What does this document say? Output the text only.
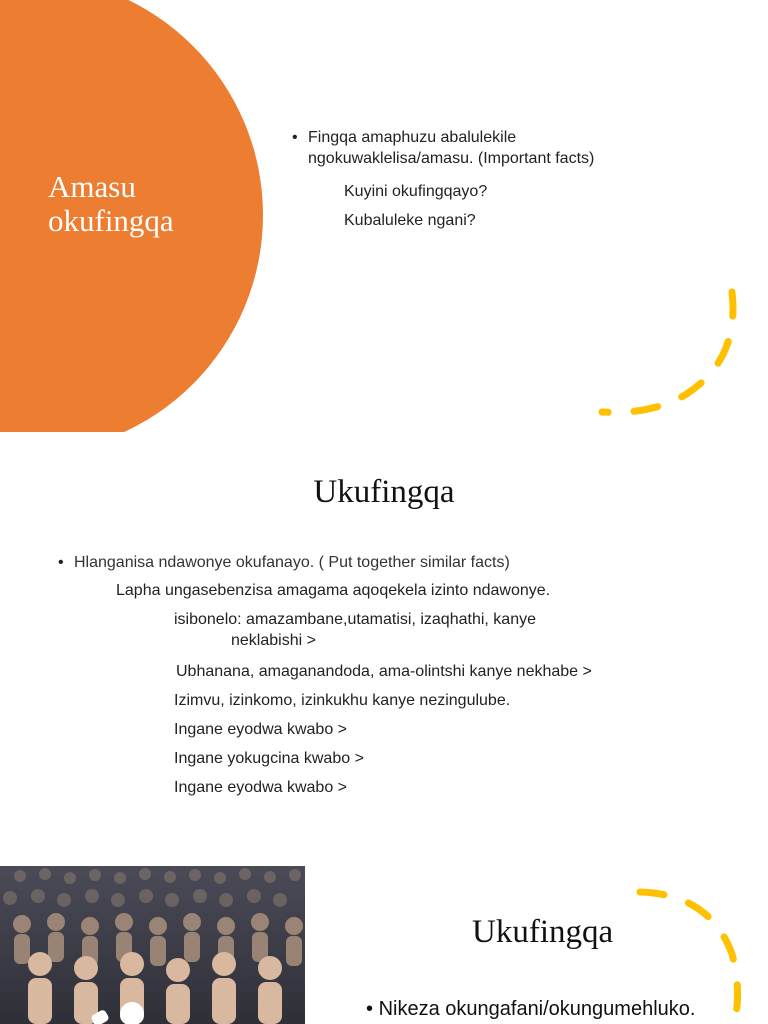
Amasu
okufingqa
• Fingqa amaphuzu abalulekile ngokuwaklelisa/amasu. (Important facts)
Kuyini okufingqayo?
Kubaluleke ngani?
Ukufingqa
• Hlanganisa ndawonye okufanayo. ( Put together similar facts)
Lapha ungasebenzisa amagama aqoqekela izinto ndawonye.
isibonelo: amazambane,utamatisi, izaqhathi, kanye
neklabishi >
Ubhanana, amaganandoda, ama-olintshi kanye nekhabe >
Izimvu, izinkomo, izinkukhu kanye nezingulube.
Ingane eyodwa kwabo >
Ingane yokugcina kwabo >
Ingane eyodwa kwabo >
Ukufingqa
• Nikeza okungafani/okungumehluko.
